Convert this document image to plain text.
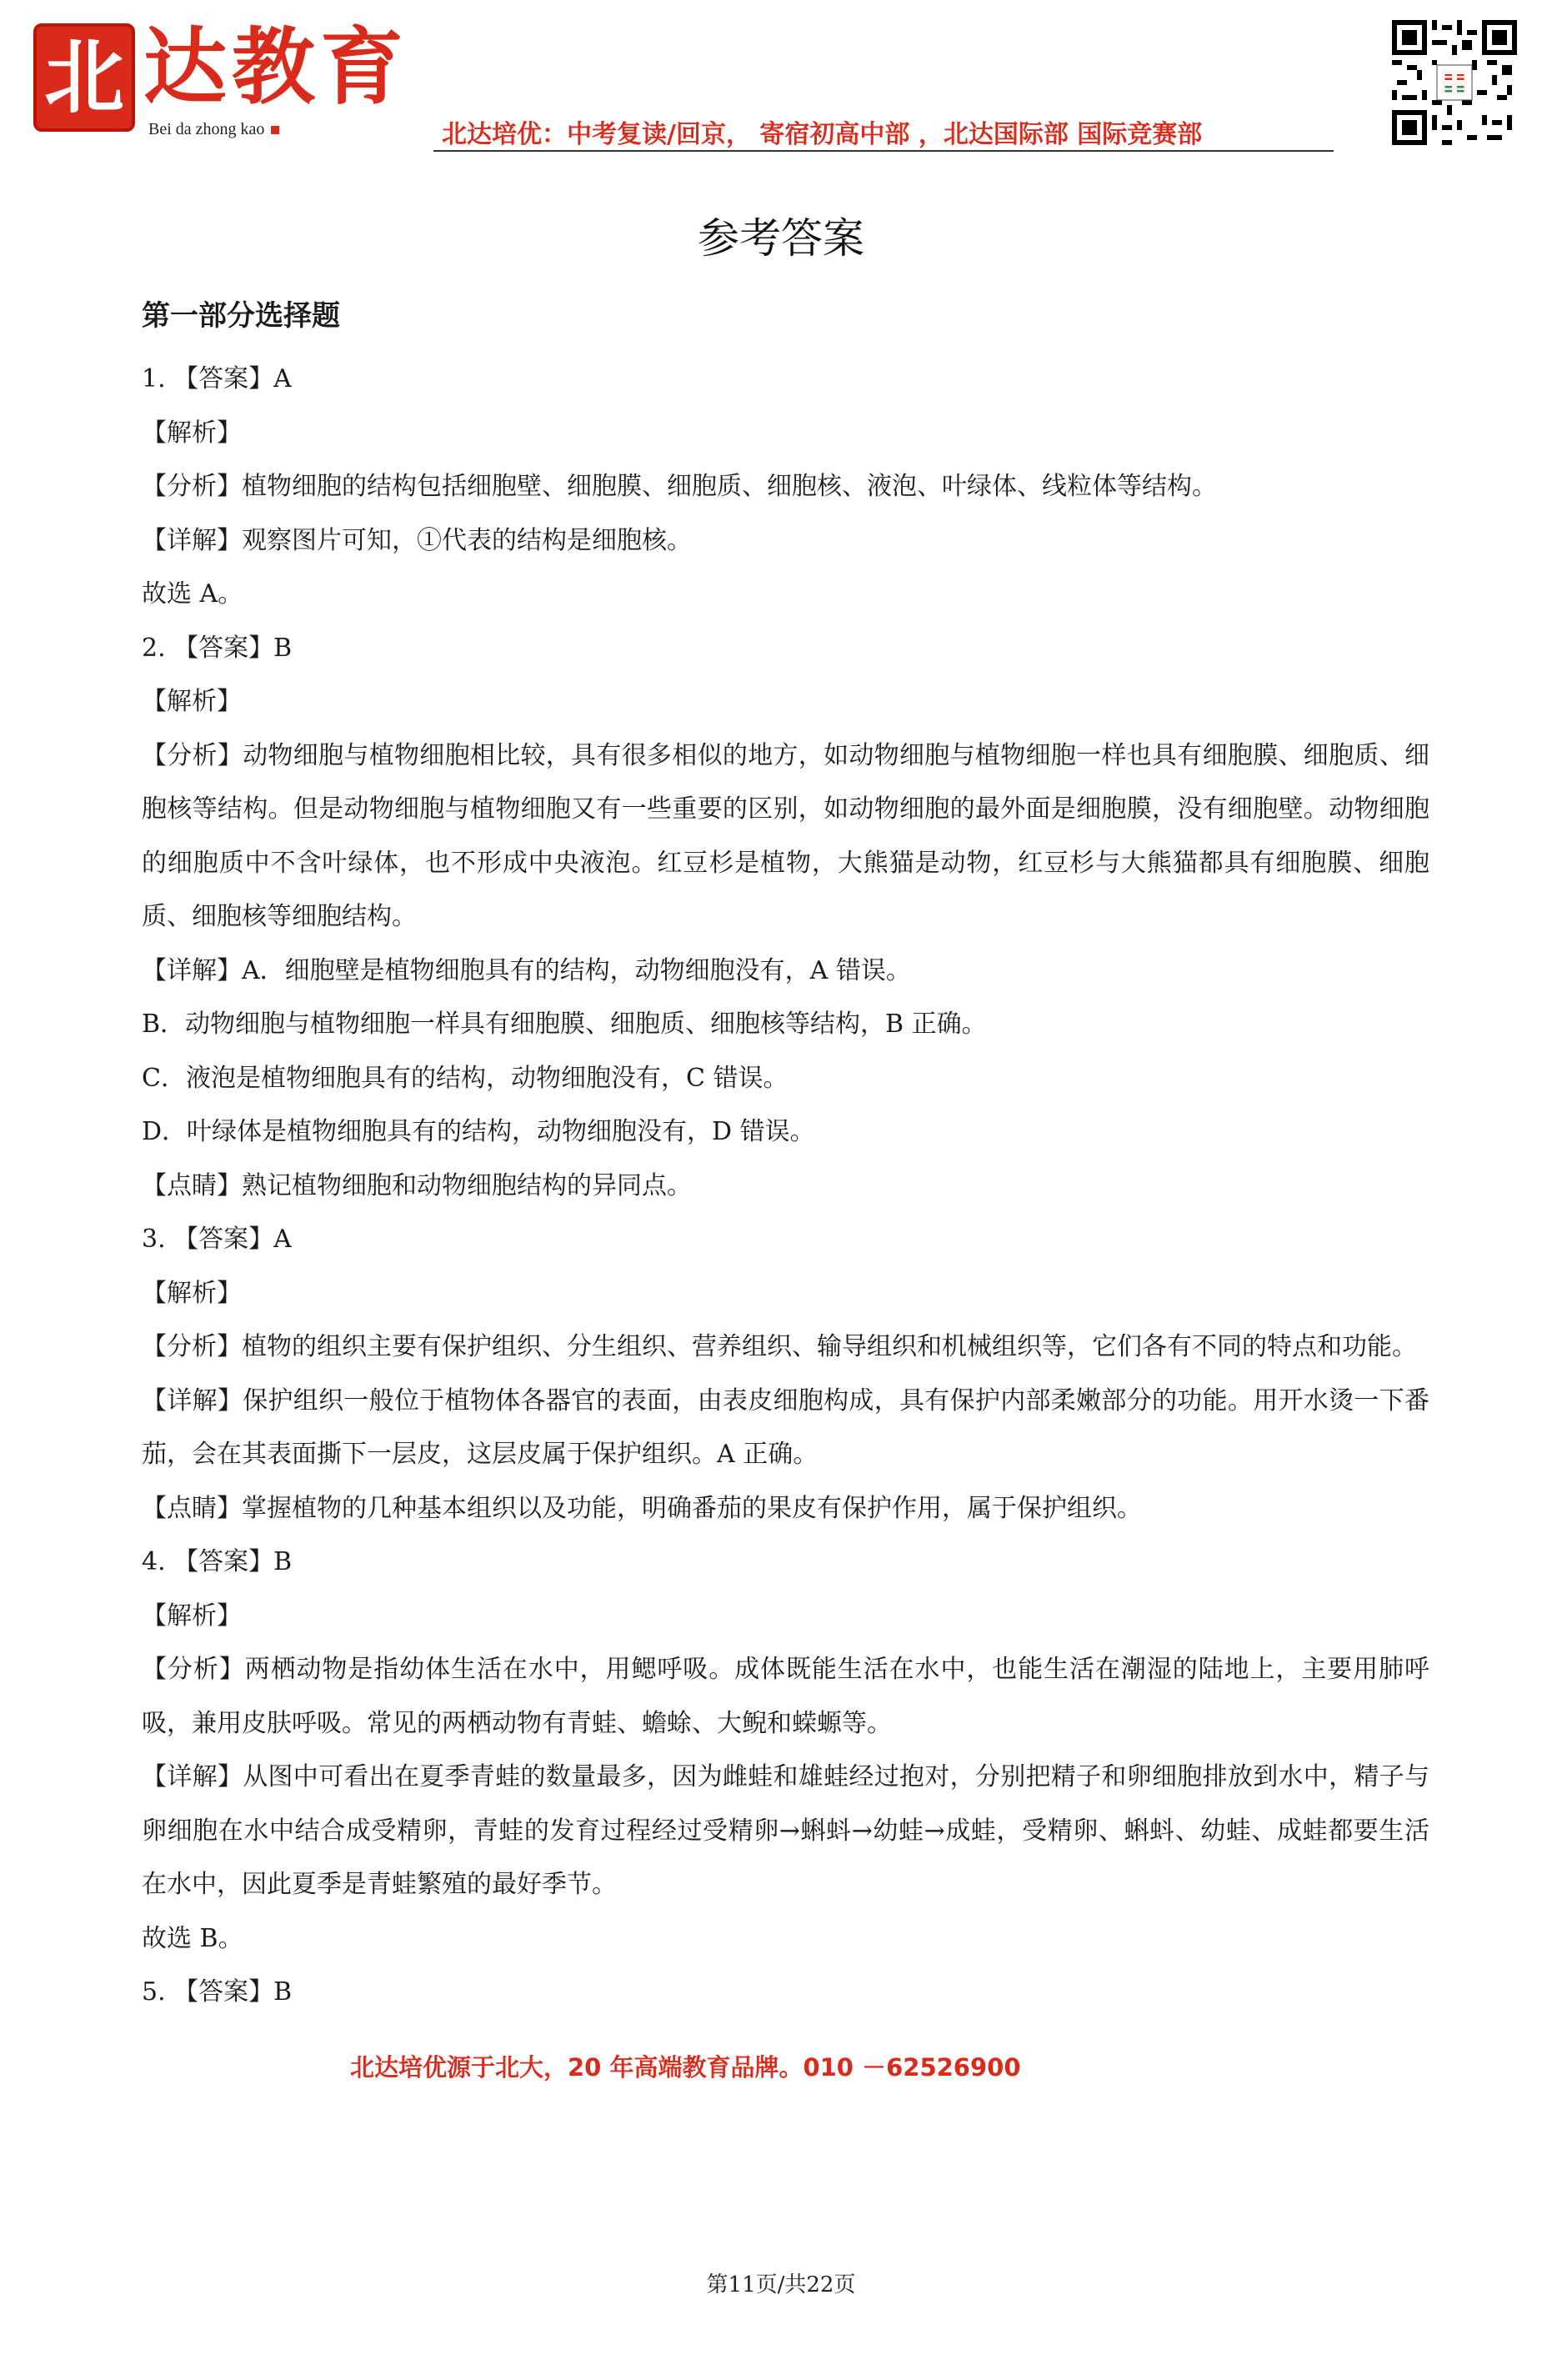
北 达教育
Bei da zhong kao	北达培优：中考复读/回京， 寄宿初高中部 ，北达国际部 国际竞赛部
参考答案
第一部分选择题

1. 【答案】A

【解析】

【分析】植物细胞的结构包括细胞壁、细胞膜、细胞质、细胞核、液泡、叶绿体、线粒体等结构。

【详解】观察图片可知，①代表的结构是细胞核。

故选 A。

2. 【答案】B

【解析】

【分析】动物细胞与植物细胞相比较，具有很多相似的地方，如动物细胞与植物细胞一样也具有细胞膜、细胞质、细胞核等结构。但是动物细胞与植物细胞又有一些重要的区别，如动物细胞的最外面是细胞膜，没有细胞壁。动物细胞的细胞质中不含叶绿体，也不形成中央液泡。红豆杉是植物，大熊猫是动物，红豆杉与大熊猫都具有细胞膜、细胞质、细胞核等细胞结构。

【详解】A．细胞壁是植物细胞具有的结构，动物细胞没有，A 错误。

B．动物细胞与植物细胞一样具有细胞膜、细胞质、细胞核等结构，B 正确。

C．液泡是植物细胞具有的结构，动物细胞没有，C 错误。

D．叶绿体是植物细胞具有的结构，动物细胞没有，D 错误。

【点睛】熟记植物细胞和动物细胞结构的异同点。

3. 【答案】A

【解析】

【分析】植物的组织主要有保护组织、分生组织、营养组织、输导组织和机械组织等，它们各有不同的特点和功能。

【详解】保护组织一般位于植物体各器官的表面，由表皮细胞构成，具有保护内部柔嫩部分的功能。用开水烫一下番茄，会在其表面撕下一层皮，这层皮属于保护组织。A 正确。

【点睛】掌握植物的几种基本组织以及功能，明确番茄的果皮有保护作用，属于保护组织。

4. 【答案】B

【解析】

【分析】两栖动物是指幼体生活在水中，用鳃呼吸。成体既能生活在水中，也能生活在潮湿的陆地上，主要用肺呼吸，兼用皮肤呼吸。常见的两栖动物有青蛙、蟾蜍、大鲵和蝾螈等。

【详解】从图中可看出在夏季青蛙的数量最多，因为雌蛙和雄蛙经过抱对，分别把精子和卵细胞排放到水中，精子与卵细胞在水中结合成受精卵，青蛙的发育过程经过受精卵→蝌蚪→幼蛙→成蛙，受精卵、蝌蚪、幼蛙、成蛙都要生活在水中，因此夏季是青蛙繁殖的最好季节。

故选 B。

5. 【答案】B

北达培优源于北大，20 年高端教育品牌。010 －62526900
第11页/共22页
